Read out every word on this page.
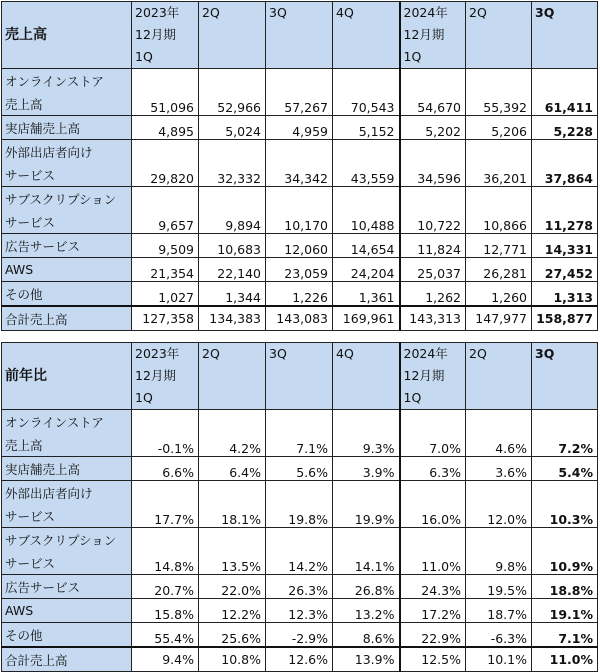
売上高	2023年	2Q	3Q	4Q	2024年	2Q	3Q
	12月期				12月期		
	1Q				1Q		
オンラインストア	51,096	52,966	57,267	70,543	54,670	55,392	61,411
売上高							
実店舗売上高	4,895	5,024	4,959	5,152	5,202	5,206	5,228
外部出店者向け	29,820	32,332	34,342	43,559	34,596	36,201	37,864
サービス							
サブスクリプション	9,657	9,894	10,170	10,488	10,722	10,866	11,278
サービス							
広告サービス	9,509	10,683	12,060	14,654	11,824	12,771	14,331
AWS	21,354	22,140	23,059	24,204	25,037	26,281	27,452
その他	1,027	1,344	1,226	1,361	1,262	1,260	1,313
合計売上高	127,358	134,383	143,083	169,961	143,313	147,977	158,877
前年比	2023年	2Q	3Q	4Q	2024年	2Q	3Q
	12月期				12月期		
	1Q				1Q		
オンラインストア	-0.1%	4.2%	7.1%	9.3%	7.0%	4.6%	7.2%
売上高							
実店舗売上高	6.6%	6.4%	5.6%	3.9%	6.3%	3.6%	5.4%
外部出店者向け	17.7%	18.1%	19.8%	19.9%	16.0%	12.0%	10.3%
サービス							
サブスクリプション	14.8%	13.5%	14.2%	14.1%	11.0%	9.8%	10.9%
サービス							
広告サービス	20.7%	22.0%	26.3%	26.8%	24.3%	19.5%	18.8%
AWS	15.8%	12.2%	12.3%	13.2%	17.2%	18.7%	19.1%
その他	55.4%	25.6%	-2.9%	8.6%	22.9%	-6.3%	7.1%
合計売上高	9.4%	10.8%	12.6%	13.9%	12.5%	10.1%	11.0%
